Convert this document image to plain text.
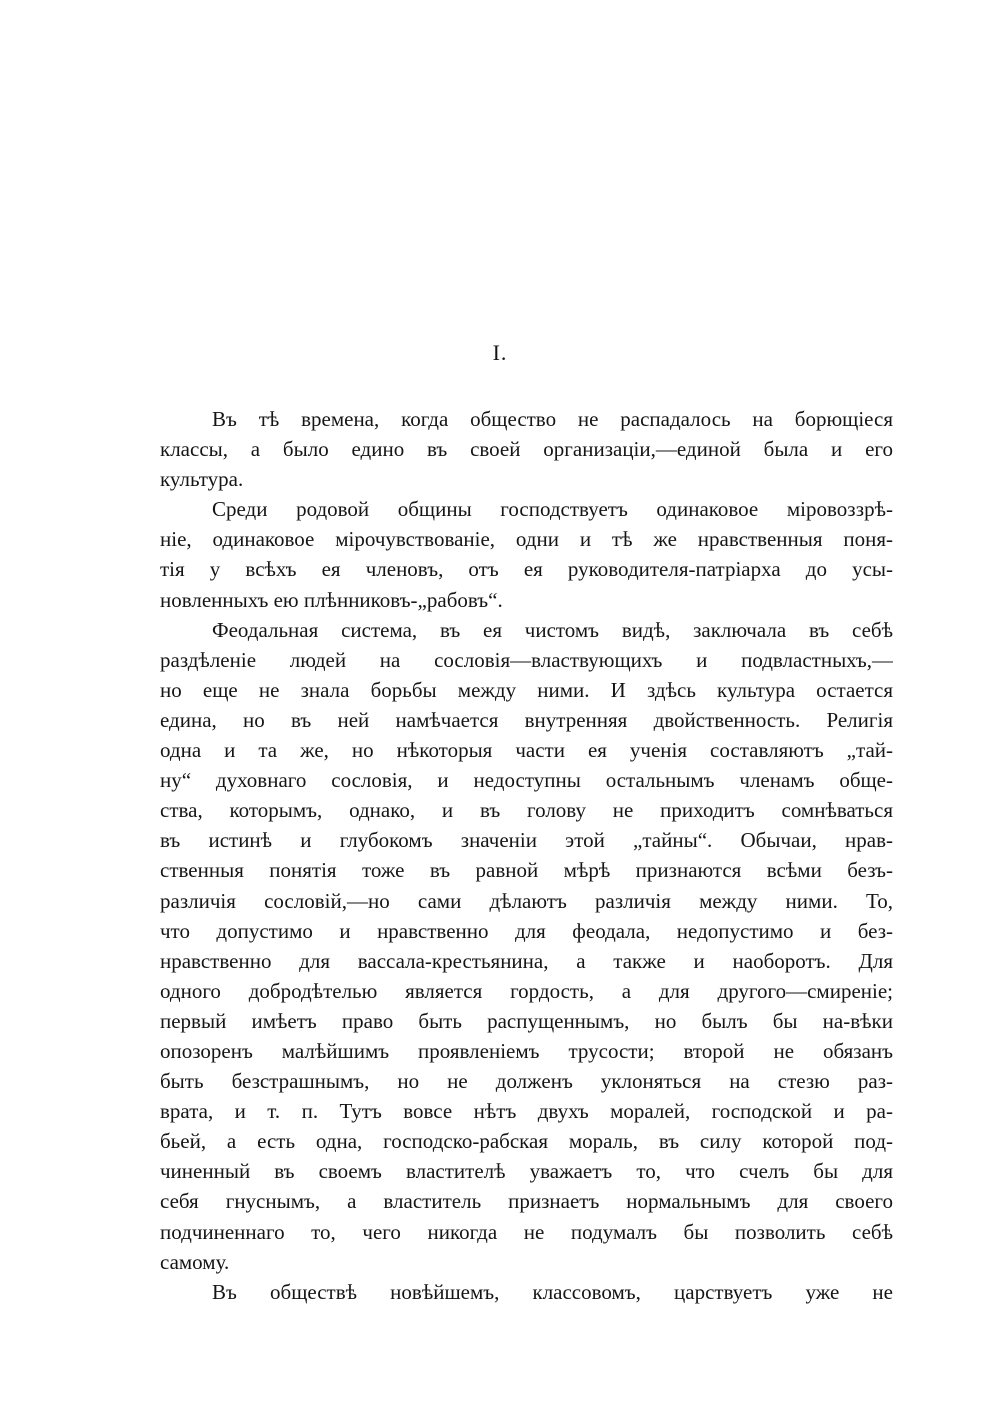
I.
Въ тѣ времена, когда общество не распадалось на борющіеся
классы, а было едино въ своей организаціи,—единой была и его
культура.
Среди родовой общины господствуетъ одинаковое міровоззрѣ-
ніе, одинаковое мірочувствованіе, одни и тѣ же нравственныя поня-
тія у всѣхъ ея членовъ, отъ ея руководителя-патріарха до усы-
новленныхъ ею плѣнниковъ-„рабовъ“.
Феодальная система, въ ея чистомъ видѣ, заключала въ себѣ
раздѣленіе людей на сословія—властвующихъ и подвластныхъ,—
но еще не знала борьбы между ними. И здѣсь культура остается
едина, но въ ней намѣчается внутренняя двойственность. Религія
одна и та же, но нѣкоторыя части ея ученія составляютъ „тай-
ну“ духовнаго сословія, и недоступны остальнымъ членамъ обще-
ства, которымъ, однако, и въ голову не приходитъ сомнѣваться
въ истинѣ и глубокомъ значеніи этой „тайны“. Обычаи, нрав-
ственныя понятія тоже въ равной мѣрѣ признаются всѣми безъ-
различія сословій,—но сами дѣлаютъ различія между ними. То,
что допустимо и нравственно для феодала, недопустимо и без-
нравственно для вассала-крестьянина, а также и наоборотъ. Для
одного добродѣтелью является гордость, а для другого—смиреніе;
первый имѣетъ право быть распущеннымъ, но былъ бы на-вѣки
опозоренъ малѣйшимъ проявленіемъ трусости; второй не обязанъ
быть безстрашнымъ, но не долженъ уклоняться на стезю раз-
врата, и т. п. Тутъ вовсе нѣтъ двухъ моралей, господской и ра-
бьей, а есть одна, господско-рабская мораль, въ силу которой под-
чиненный въ своемъ властителѣ уважаетъ то, что счелъ бы для
себя гнуснымъ, а властитель признаетъ нормальнымъ для своего
подчиненнаго то, чего никогда не подумалъ бы позволить себѣ
самому.
Въ обществѣ новѣйшемъ, классовомъ, царствуетъ уже не
